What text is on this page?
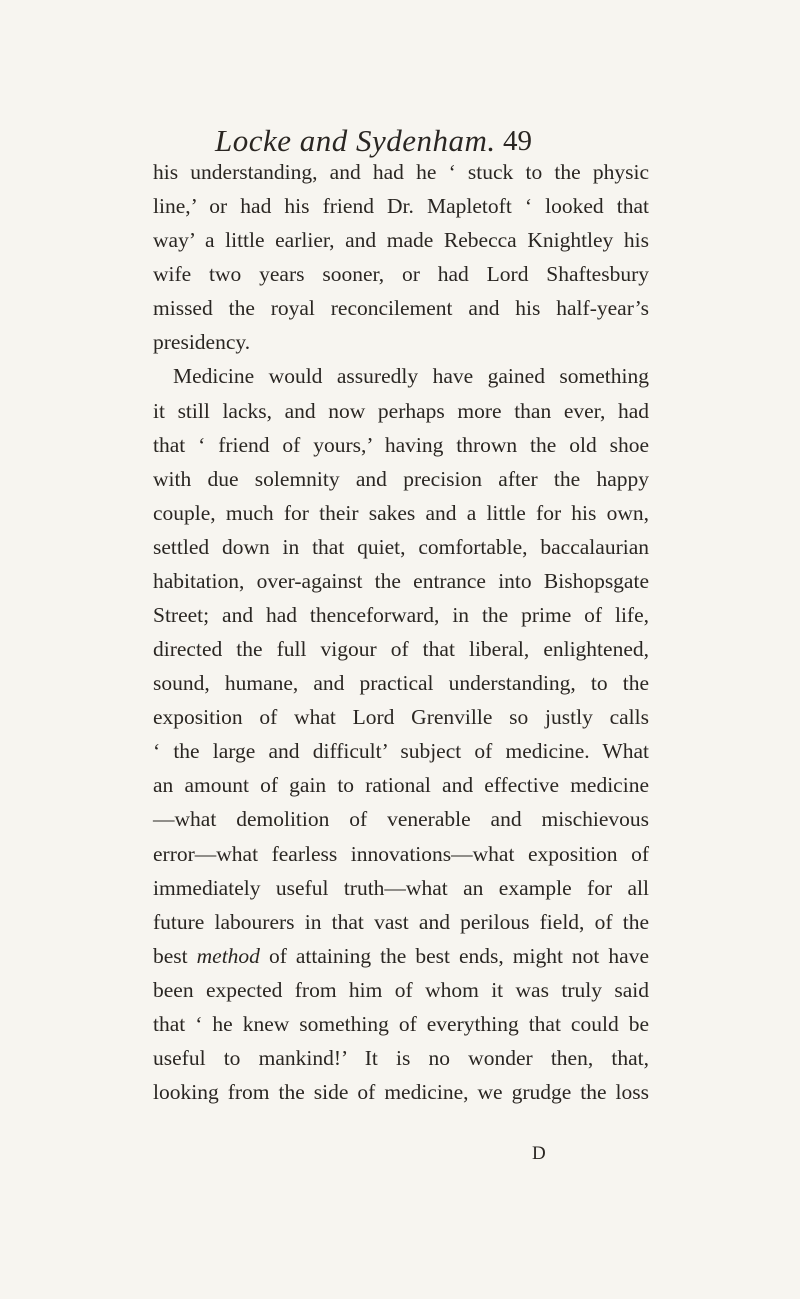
Locke and Sydenham. 49
his understanding, and had he ‘ stuck to the physic
line,’ or had his friend Dr. Mapletoft ‘ looked that
way’ a little earlier, and made Rebecca Knightley his
wife two years sooner, or had Lord Shaftesbury
missed the royal reconcilement and his half-year’s
presidency.
Medicine would assuredly have gained something
it still lacks, and now perhaps more than ever, had
that ‘ friend of yours,’ having thrown the old shoe
with due solemnity and precision after the happy
couple, much for their sakes and a little for his own,
settled down in that quiet, comfortable, baccalaurian
habitation, over-against the entrance into Bishopsgate
Street; and had thenceforward, in the prime of life,
directed the full vigour of that liberal, enlightened,
sound, humane, and practical understanding, to the
exposition of what Lord Grenville so justly calls
‘ the large and difficult’ subject of medicine. What
an amount of gain to rational and effective medicine
—what demolition of venerable and mischievous
error—what fearless innovations—what exposition of
immediately useful truth—what an example for all
future labourers in that vast and perilous field, of the
best method of attaining the best ends, might not have
been expected from him of whom it was truly said
that ‘ he knew something of everything that could be
useful to mankind!’ It is no wonder then, that,
looking from the side of medicine, we grudge the loss
D
